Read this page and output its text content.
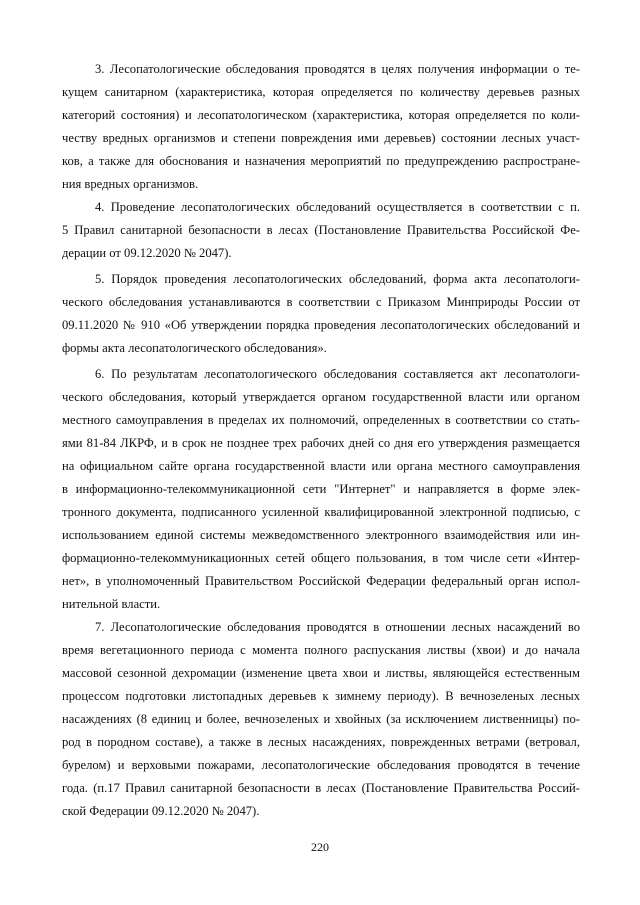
3. Лесопатологические обследования проводятся в целях получения информации о те-
кущем санитарном (характеристика, которая определяется по количеству деревьев разных
категорий состояния) и лесопатологическом (характеристика, которая определяется по коли-
честву вредных организмов и степени повреждения ими деревьев) состоянии лесных участ-
ков, а также для обоснования и назначения мероприятий по предупреждению распростране-
ния вредных организмов.
4. Проведение лесопатологических обследований осуществляется в соответствии с п.
5 Правил санитарной безопасности в лесах (Постановление Правительства Российской Фе-
дерации от 09.12.2020 № 2047).
5. Порядок проведения лесопатологических обследований, форма акта лесопатологи-
ческого обследования устанавливаются в соответствии с Приказом Минприроды России от
09.11.2020 № 910 «Об утверждении порядка проведения лесопатологических обследований и
формы акта лесопатологического обследования».
6. По результатам лесопатологического обследования составляется акт лесопатологи-
ческого обследования, который утверждается органом государственной власти или органом
местного самоуправления в пределах их полномочий, определенных в соответствии со стать-
ями 81-84 ЛКРФ, и в срок не позднее трех рабочих дней со дня его утверждения размещается
на официальном сайте органа государственной власти или органа местного самоуправления
в информационно-телекоммуникационной сети "Интернет" и направляется в форме элек-
тронного документа, подписанного усиленной квалифицированной электронной подписью, с
использованием единой системы межведомственного электронного взаимодействия или ин-
формационно-телекоммуникационных сетей общего пользования, в том числе сети «Интер-
нет», в уполномоченный Правительством Российской Федерации федеральный орган испол-
нительной власти.
7. Лесопатологические обследования проводятся в отношении лесных насаждений во
время вегетационного периода с момента полного распускания листвы (хвои) и до начала
массовой сезонной дехромации (изменение цвета хвои и листвы, являющейся естественным
процессом подготовки листопадных деревьев к зимнему периоду). В вечнозеленых лесных
насаждениях (8 единиц и более, вечнозеленых и хвойных (за исключением лиственницы) по-
род в породном составе), а также в лесных насаждениях, поврежденных ветрами (ветровал,
бурелом) и верховыми пожарами, лесопатологические обследования проводятся в течение
года. (п.17 Правил санитарной безопасности в лесах (Постановление Правительства Россий-
ской Федерации 09.12.2020 № 2047).
220
